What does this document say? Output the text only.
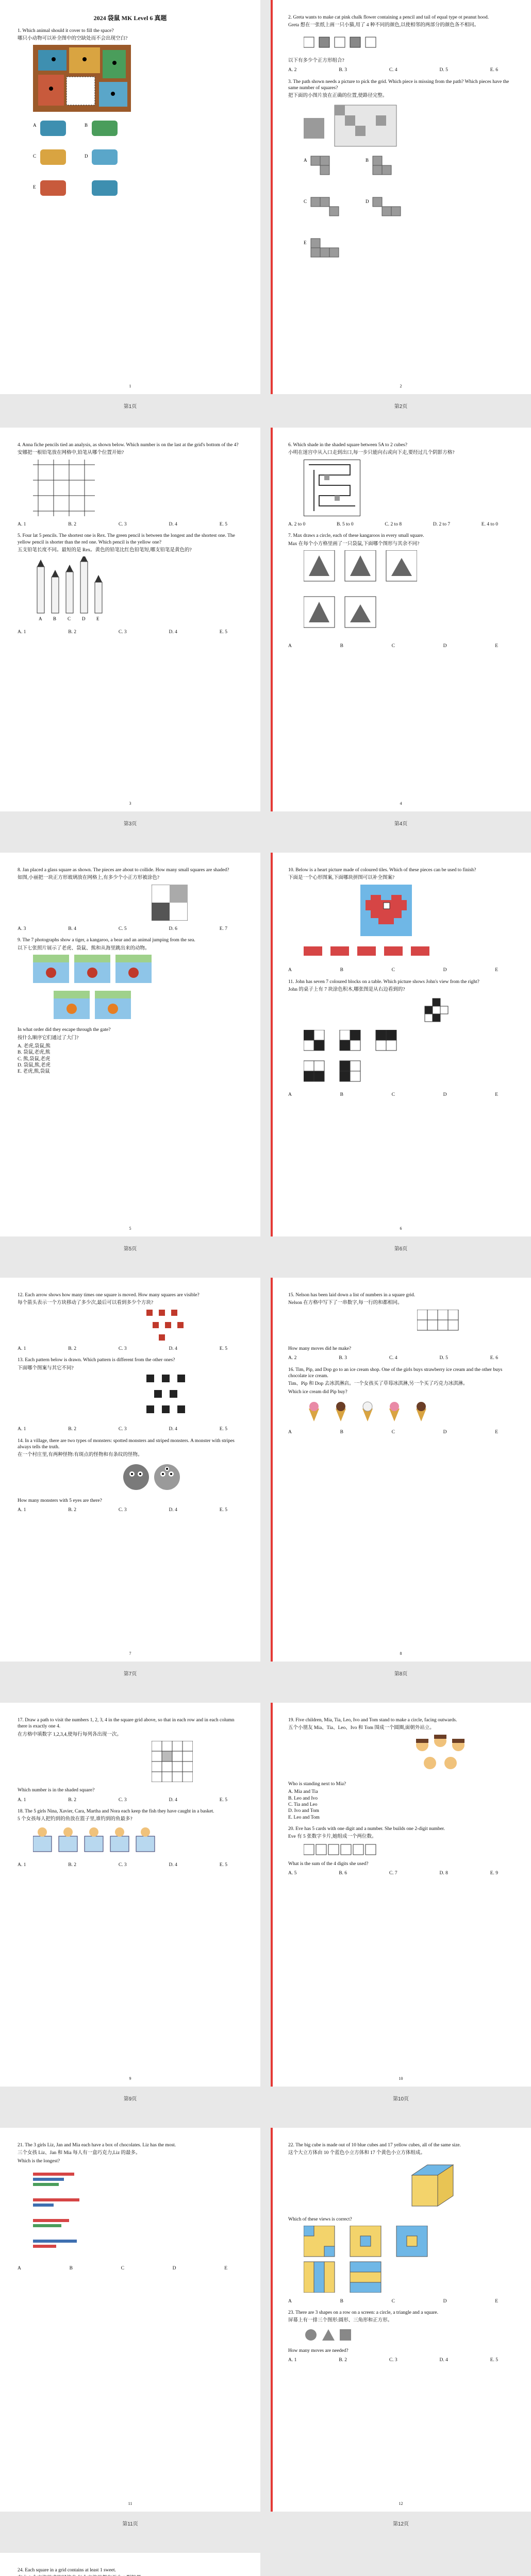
2024 袋鼠 MK Level 6 真题

1. Which animal should it cover to fill the space?

哪只小动物可以补全图中的空缺处而不会出现空白?

A	B
C	D
E
1

2. Greta wants to make cat pink chalk flower containing a pencil and tail of equal type ot peanut hood.

Greta 想在一张纸上画一只小猫,用了 4 种不同的颜色,以使相邻的两部分的颜色各不相同。

以下有多少个正方形组合?

A. 2	B. 3	C. 4	D. 5	E. 6

3. The path shown needs a picture to pick the grid. Which piece is missing from the path? Which pieces have the same number of squares?

把下面的小图片放在正确的位置,使路径完整。

A	B
C	D
E
2
第1页	第2页

4. Anna fiche pencils tied an analysis, as shown below. Which number is on the last at the grid's bottom of the 4?

安娜把一根铅笔放在网格中,铅笔从哪个位置开始?

A. 1	B. 2	C. 3	D. 4	E. 5

5. Four lat 5 pencils. The shortest one is Rex. The green pencil is between the longest and the shortest one. The yellow pencil is shorter than the red one. Which pencil is the yellow one?

五支铅笔长度不同。最短的是 Rex。黄色的铅笔比红色铅笔短,哪支铅笔是黄色的?

A B C D E
A. 1	B. 2	C. 3	D. 4	E. 5
3

6. Which shade in the shaded square between 5A to 2 cubes?

小明在迷宫中从入口走到出口,每一步只能向右或向下走,要经过几个阴影方格?

A. 2 to 0	B. 5 to 0	C. 2 to 8	D. 2 to 7	E. 4 to 0

7. Max draws a circle, each of these kangaroos in every small square.

Max 在每个小方格里画了一只袋鼠,下面哪个图形与其余不同?

A	B	C	D	E
4
第3页	第4页

8. Jan placed a glass square as shown. The pieces are about to collide. How many small squares are shaded?

如图,小丽把一块正方形玻璃放在网格上,有多少个小正方形被涂色?

A. 3	B. 4	C. 5	D. 6	E. 7

9. The 7 photographs show a tiger, a kangaroo, a bear and an animal jumping from the sea.

以下七张照片展示了老虎、袋鼠、熊和从海里跳出来的动物。

In what order did they escape through the gate?

按什么顺序它们通过了大门?

A. 老虎,袋鼠,熊
B. 袋鼠,老虎,熊
C. 熊,袋鼠,老虎
D. 袋鼠,熊,老虎
E. 老虎,熊,袋鼠
5

10. Below is a heart picture made of coloured tiles. Which of these pieces can be used to finish?

下面是一个心形图案,下面哪块拼图可以补全图案?

A	B	C	D	E

11. John has seven 7 coloured blocks on a table. Which picture shows John's view from the right?

John 的桌子上有 7 块涂色积木,哪张图是从右边看到的?

A	B	C	D	E
6
第5页	第6页

12. Each arrow shows how many times one square is moved. How many squares are visible?

每个箭头表示一个方块移动了多少次,最后可以看到多少个方块?

A. 1	B. 2	C. 3	D. 4	E. 5

13. Each pattern below is drawn. Which pattern is different from the other ones?

下面哪个图案与其它不同?

A. 1	B. 2	C. 3	D. 4	E. 5

14. In a village, there are two types of monsters: spotted monsters and striped monsters. A monster with stripes always tells the truth.

在一个村庄里,有两种怪物:有斑点的怪物和有条纹的怪物。

How many monsters with 5 eyes are there?

A. 1	B. 2	C. 3	D. 4	E. 5
7

15. Nelson has been laid down a list of numbers in a square grid.

Nelson 在方格中写下了一串数字,每一行的和都相同。

How many moves did he make?

A. 2	B. 3	C. 4	D. 5	E. 6

16. Tim, Pip, and Dop go to an ice cream shop. One of the girls buys strawberry ice cream and the other buys chocolate ice cream.

Tim、Pip 和 Dop 去冰淇淋店。一个女孩买了草莓冰淇淋,另一个买了巧克力冰淇淋。

Which ice cream did Pip buy?

A	B	C	D	E
8
第7页	第8页

17. Draw a path to visit the numbers 1, 2, 3, 4 in the square grid above, so that in each row and in each column there is exactly one 4.

在方格中填数字 1,2,3,4,使每行每列各出现一次。

Which number is in the shaded square?

A. 1	B. 2	C. 3	D. 4	E. 5

18. The 5 girls Nina, Xavier, Cara, Martha and Nora each keep the fish they have caught in a basket.

5 个女孩每人把钓到的鱼放在篮子里,谁钓到的鱼最多?

A. 1	B. 2	C. 3	D. 4	E. 5
9

19. Five children, Mia, Tia, Leo, Ivo and Tom stand to make a circle, facing outwards.

五个小朋友 Mia、Tia、Leo、Ivo 和 Tom 围成一个圆圈,面朝外站立。

Who is standing next to Mia?

A. Mia and Tia
B. Leo and Ivo
C. Tia and Leo
D. Ivo and Tom
E. Leo and Tom

20. Eve has 5 cards with one digit and a number. She builds one 2-digit number.

Eve 有 5 张数字卡片,她组成一个两位数。

What is the sum of the 4 digits she used?

A. 5	B. 6	C. 7	D. 8	E. 9
10
第9页	第10页

21. The 3 girls Liz, Jan and Mia each have a box of chocolates. Liz has the most.

三个女孩 Liz、Jan 和 Mia 每人有一盒巧克力,Liz 的最多。

Which is the longest?

A	B	C	D	E
11

22. The big cube is made out of 10 blue cubes and 17 yellow cubes, all of the same size.

这个大立方体由 10 个蓝色小立方体和 17 个黄色小立方体组成。

Which of these views is correct?

A	B	C	D	E

23. There are 3 shapes on a row on a screen: a circle, a triangle and a square.

屏幕上有一排三个图形:圆形、三角形和正方形。

How many moves are needed?

A. 1	B. 2	C. 3	D. 4	E. 5
12
第11页	第12页

24. Each square in a grid contains at least 1 sweet.
